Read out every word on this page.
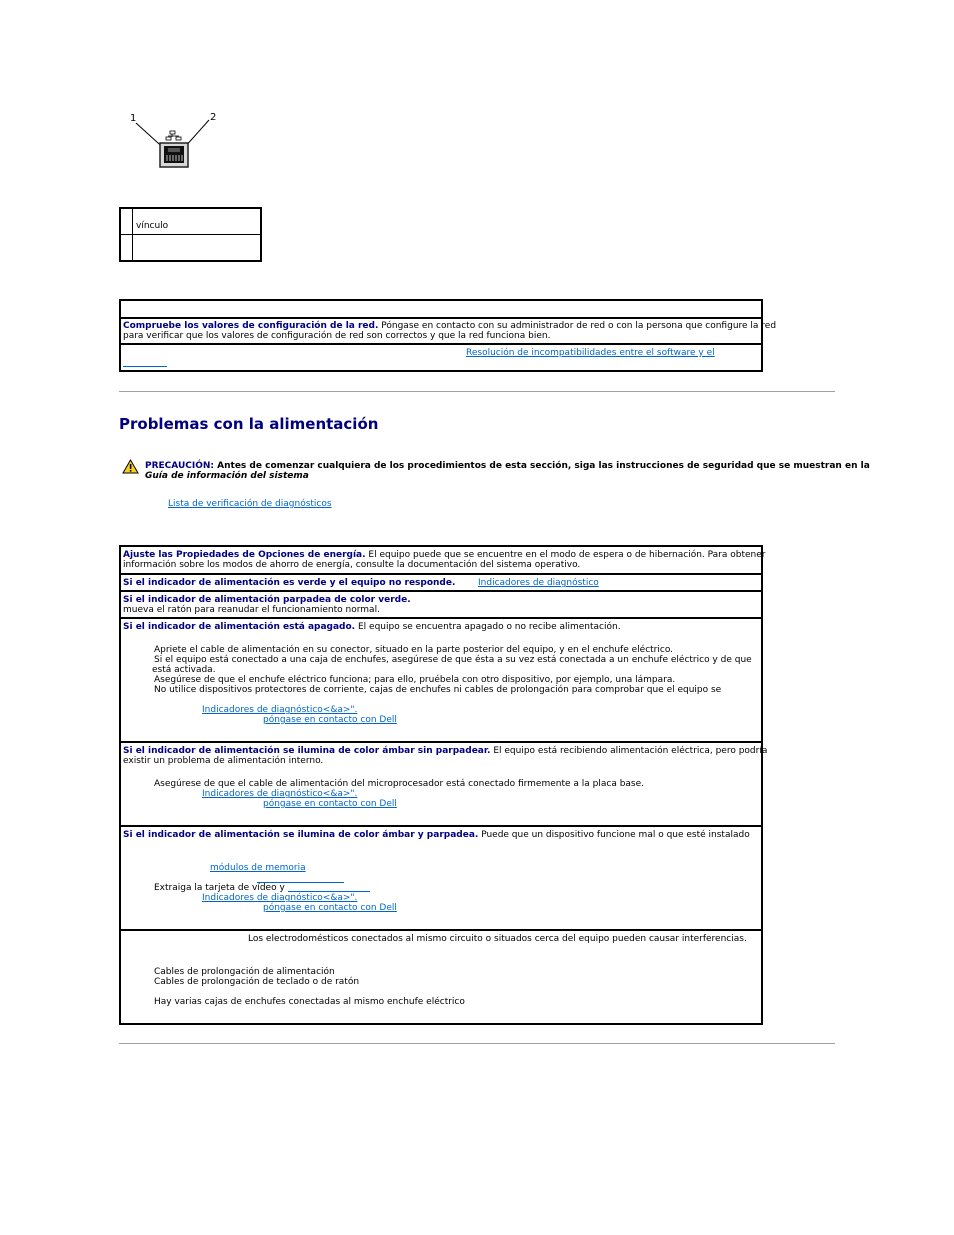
1	2
vínculo
Compruebe los valores de configuración de la red. Póngase en contacto con su administrador de red o con la persona que configure la red
para verificar que los valores de configuración de red son correctos y que la red funciona bien.
Resolución de incompatibilidades entre el software y el
Problemas con la alimentación
PRECAUCIÓN: Antes de comenzar cualquiera de los procedimientos de esta sección, siga las instrucciones de seguridad que se muestran en la
Guía de información del sistema
Lista de verificación de diagnósticos
Ajuste las Propiedades de Opciones de energía. El equipo puede que se encuentre en el modo de espera o de hibernación. Para obtener
información sobre los modos de ahorro de energía, consulte la documentación del sistema operativo.
Si el indicador de alimentación es verde y el equipo no responde.	Indicadores de diagnóstico
Si el indicador de alimentación parpadea de color verde.
mueva el ratón para reanudar el funcionamiento normal.
Si el indicador de alimentación está apagado. El equipo se encuentra apagado o no recibe alimentación.
Apriete el cable de alimentación en su conector, situado en la parte posterior del equipo, y en el enchufe eléctrico.
Si el equipo está conectado a una caja de enchufes, asegúrese de que ésta a su vez está conectada a un enchufe eléctrico y de que
está activada.
Asegúrese de que el enchufe eléctrico funciona; para ello, pruébela con otro dispositivo, por ejemplo, una lámpara.
No utilice dispositivos protectores de corriente, cajas de enchufes ni cables de prolongación para comprobar que el equipo se
Indicadores de diagnóstico<&a>".
póngase en contacto con Dell
Si el indicador de alimentación se ilumina de color ámbar sin parpadear. El equipo está recibiendo alimentación eléctrica, pero podría
existir un problema de alimentación interno.
Asegúrese de que el cable de alimentación del microprocesador está conectado firmemente a la placa base.
Indicadores de diagnóstico<&a>".
póngase en contacto con Dell
Si el indicador de alimentación se ilumina de color ámbar y parpadea. Puede que un dispositivo funcione mal o que esté instalado
módulos de memoria
Extraiga la tarjeta de vídeo y
Indicadores de diagnóstico<&a>".
póngase en contacto con Dell
Los electrodomésticos conectados al mismo circuito o situados cerca del equipo pueden causar interferencias.
Cables de prolongación de alimentación
Cables de prolongación de teclado o de ratón
Hay varias cajas de enchufes conectadas al mismo enchufe eléctrico
